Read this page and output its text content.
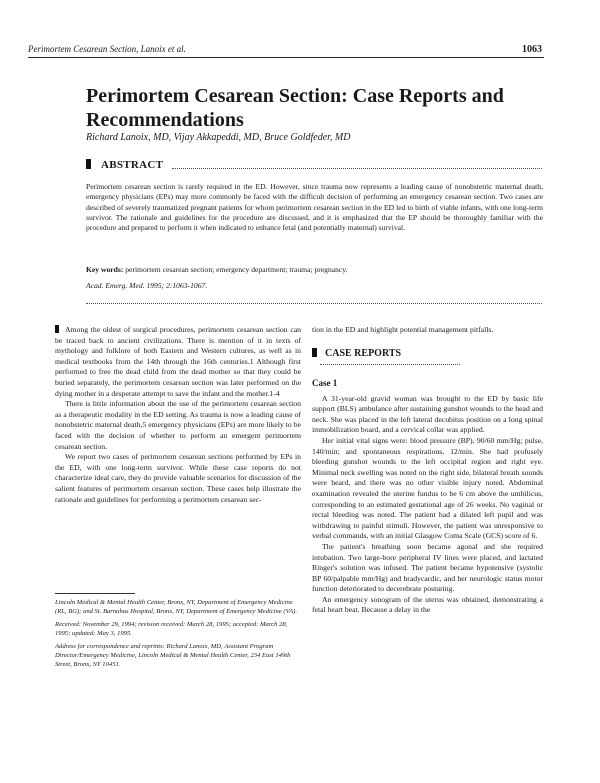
Perimortem Cesarean Section, Lanoix et al.	1063
Perimortem Cesarean Section: Case Reports and Recommendations
Richard Lanoix, MD, Vijay Akkapeddi, MD, Bruce Goldfeder, MD
ABSTRACT

Perimortem cesarean section is rarely required in the ED. However, since trauma now represents a leading cause of nonobstetric maternal death, emergency physicians (EPs) may more commonly be faced with the difficult decision of performing an emergency cesarean section. Two cases are described of severely traumatized pregnant patients for whom perimortem cesarean section in the ED led to birth of viable infants, with one long-term survivor. The rationale and guidelines for the procedure are discussed, and it is emphasized that the EP should be thoroughly familiar with the procedure and prepared to perform it when indicated to enhance fetal (and potentially maternal) survival.

Key words: perimortem cesarean section; emergency department; trauma; pregnancy.
Acad. Emerg. Med. 1995; 2:1063-1067.

Among the oldest of surgical procedures, perimortem cesarean section can be traced back to ancient civilizations. There is mention of it in texts of mythology and folklore of both Eastern and Western cultures, as well as in medical textbooks from the 14th through the 16th centuries.1 Although first performed to free the dead child from the dead mother so that they could be buried separately, the perimortem cesarean section was later performed on the dying mother in a desperate attempt to save the infant and the mother.1-4

There is little information about the use of the perimortem cesarean section as a therapeutic modality in the ED setting. As trauma is now a leading cause of nonobstetric maternal death,5 emergency physicians (EPs) are more likely to be faced with the decision of whether to perform an emergent perimortem cesarean section.

We report two cases of perimortem cesarean sections performed by EPs in the ED, with one long-term survivor. While these case reports do not characterize ideal care, they do provide valuable scenarios for discussion of the salient features of perimortem cesarean section. These cases help illustrate the rationale and guidelines for performing a perimortem cesarean sec-

Lincoln Medical & Mental Health Center, Bronx, NY, Department of Emergency Medicine (RL, BG); and St. Barnabas Hospital, Bronx, NY, Department of Emergency Medicine (VA).

Received: November 29, 1994; revision received: March 28, 1995; accepted: March 28, 1995; updated: May 3, 1995.

Address for correspondence and reprints: Richard Lanoix, MD, Assistant Program Director/Emergency Medicine, Lincoln Medical & Mental Health Center, 234 East 149th Street, Bronx, NY 10451.

tion in the ED and highlight potential management pitfalls.

CASE REPORTS
Case 1

A 31-year-old gravid woman was brought to the ED by basic life support (BLS) ambulance after sustaining gunshot wounds to the head and neck. She was placed in the left lateral decubitus position on a long spinal immobilization board, and a cervical collar was applied.

Her initial vital signs were: blood pressure (BP), 90/60 mm/Hg; pulse, 140/min; and spontaneous respirations, 12/min. She had profusely bleeding gunshot wounds to the left occipital region and right eye. Minimal neck swelling was noted on the right side, bilateral breath sounds were heard, and there was no other visible injury noted. Abdominal examination revealed the uterine fundus to be 6 cm above the umbilicus, corresponding to an estimated gestational age of 26 weeks. No vaginal or rectal bleeding was noted. The patient had a dilated left pupil and was withdrawing to painful stimuli. However, the patient was unresponsive to verbal commands, with an initial Glasgow Coma Scale (GCS) score of 6.

The patient's breathing soon became agonal and she required intubation. Two large-bore peripheral IV lines were placed, and lactated Ringer's solution was infused. The patient became hypotensive (systolic BP 60/palpable mm/Hg) and bradycardic, and her neurologic status motor function deteriorated to decerebrate posturing.

An emergency sonogram of the uterus was obtained, demonstrating a fetal heart beat. Because a delay in the
